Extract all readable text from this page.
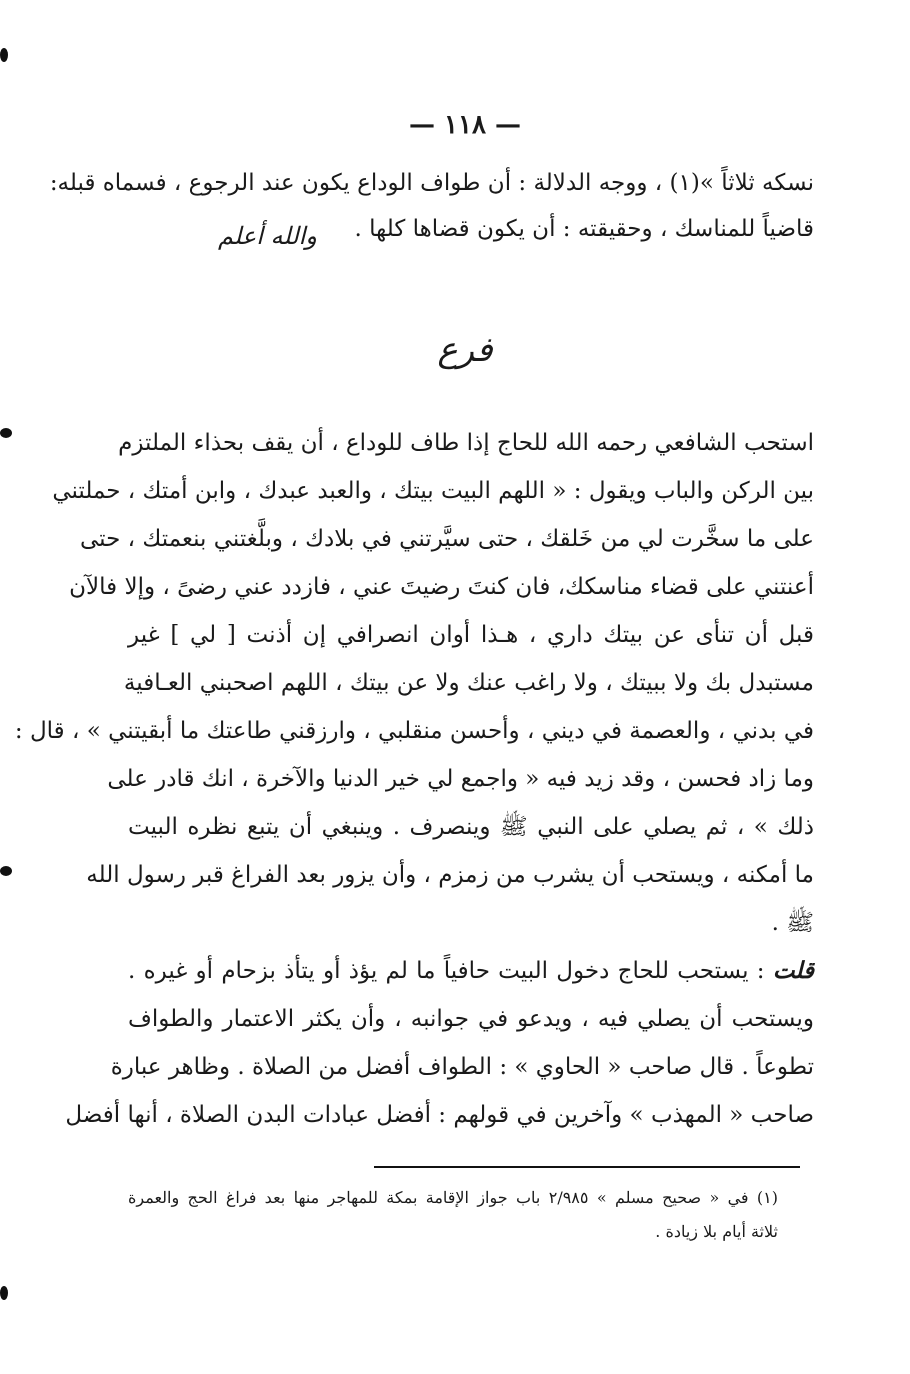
— ١١٨ —
نسكه ثلاثاً »(١) ، ووجه الدلالة : أن طواف الوداع يكون عند الرجوع ، فسماه قبله:
قاضياً للمناسك ، وحقيقته : أن يكون قضاها كلها .
والله أعلم
فرع
استحب الشافعي رحمه الله للحاج إذا طاف للوداع ، أن يقف بحذاء الملتزم
بين الركن والباب ويقول : « اللهم البيت بيتك ، والعبد عبدك ، وابن أمتك ، حملتني
على ما سخَّرت لي من خَلقك ، حتى سيَّرتني في بلادك ، وبلَّغتني بنعمتك ، حتى
أعنتني على قضاء مناسكك، فان كنتَ رضيتَ عني ، فازدد عني رضىً ، وإلا فالآن
قبل أن تنأى عن بيتك داري ، هـذا أوان انصرافي إن أذنت [ لي ] غير
مستبدل بك ولا ببيتك ، ولا راغب عنك ولا عن بيتك ، اللهم اصحبني العـافية
في بدني ، والعصمة في ديني ، وأحسن منقلبي ، وارزقني طاعتك ما أبقيتني » ، قال :
وما زاد فحسن ، وقد زيد فيه « واجمع لي خير الدنيا والآخرة ، انك قادر على
ذلك » ، ثم يصلي على النبي ﷺ وينصرف . وينبغي أن يتبع نظره البيت
ما أمكنه ، ويستحب أن يشرب من زمزم ، وأن يزور بعد الفراغ قبر رسول الله
ﷺ .
قلت : يستحب للحاج دخول البيت حافياً ما لم يؤذ أو يتأذ بزحام أو غيره .
ويستحب أن يصلي فيه ، ويدعو في جوانبه ، وأن يكثر الاعتمار والطواف
تطوعاً . قال صاحب « الحاوي » : الطواف أفضل من الصلاة . وظاهر عبارة
صاحب « المهذب » وآخرين في قولهم : أفضل عبادات البدن الصلاة ، أنها أفضل
(١) في « صحيح مسلم » ٢/٩٨٥ باب جواز الإقامة بمكة للمهاجر منها بعد فراغ الحج والعمرة
ثلاثة أيام بلا زيادة .
